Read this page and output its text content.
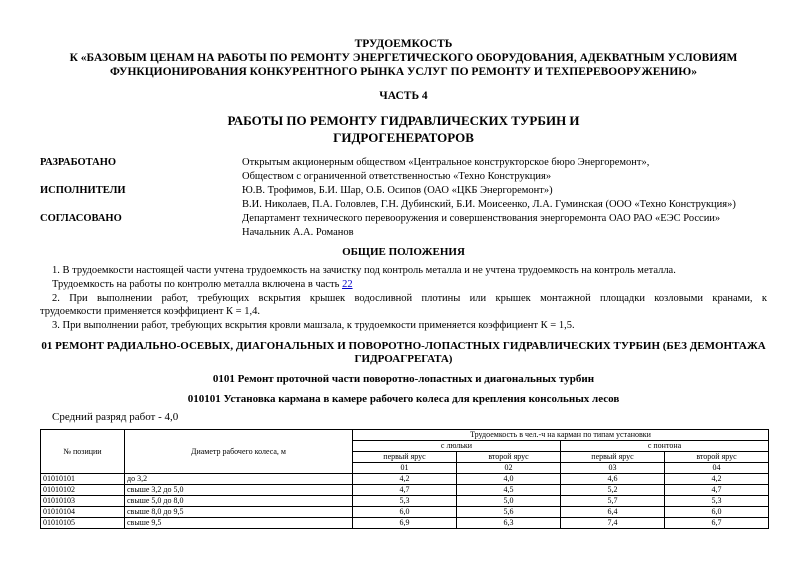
ТРУДОЕМКОСТЬ
К «БАЗОВЫМ ЦЕНАМ НА РАБОТЫ ПО РЕМОНТУ ЭНЕРГЕТИЧЕСКОГО ОБОРУДОВАНИЯ, АДЕКВАТНЫМ УСЛОВИЯМ
ФУНКЦИОНИРОВАНИЯ КОНКУРЕНТНОГО РЫНКА УСЛУГ ПО РЕМОНТУ И ТЕХПЕРЕВООРУЖЕНИЮ»
ЧАСТЬ 4
РАБОТЫ ПО РЕМОНТУ ГИДРАВЛИЧЕСКИХ ТУРБИН И
ГИДРОГЕНЕРАТОРОВ
РАЗРАБОТАНО	Открытым акционерным обществом «Центральное конструкторское бюро Энергоремонт»,
Обществом с ограниченной ответственностью «Техно Конструкция»
ИСПОЛНИТЕЛИ	Ю.В. Трофимов, Б.И. Шар, О.Б. Осипов (ОАО «ЦКБ Энергоремонт»)
В.И. Николаев, П.А. Головлев, Г.Н. Дубинский, Б.И. Моисеенко, Л.А. Гуминская (ООО «Техно Конструкция»)
СОГЛАСОВАНО	Департамент технического перевооружения и совершенствования энергоремонта ОАО РАО «ЕЭС России»
Начальник А.А. Романов
ОБЩИЕ ПОЛОЖЕНИЯ
1. В трудоемкости настоящей части учтена трудоемкость на зачистку под контроль металла и не учтена трудоемкость на контроль металла.
Трудоемкость на работы по контролю металла включена в часть 22
2. При выполнении работ, требующих вскрытия крышек водосливной плотины или крышек монтажной площадки козловыми кранами, к
трудоемкости применяется коэффициент К = 1,4.
3. При выполнении работ, требующих вскрытия кровли машзала, к трудоемкости применяется коэффициент К = 1,5.
01 РЕМОНТ РАДИАЛЬНО-ОСЕВЫХ, ДИАГОНАЛЬНЫХ И ПОВОРОТНО-ЛОПАСТНЫХ ГИДРАВЛИЧЕСКИХ ТУРБИН (БЕЗ ДЕМОНТАЖА
ГИДРОАГРЕГАТА)
0101 Ремонт проточной части поворотно-лопастных и диагональных турбин
010101 Установка кармана в камере рабочего колеса для крепления консольных лесов
Средний разряд работ - 4,0
№ позиции	Диаметр рабочего колеса, м	Трудоемкость в чел.-ч на карман по типам установки			
		с люльки		с понтона	
		первый ярус	второй ярус	первый ярус	второй ярус
		01	02	03	04
01010101	до 3,2	4,2	4,0	4,6	4,2
01010102	свыше 3,2 до 5,0	4,7	4,5	5,2	4,7
01010103	свыше 5,0 до 8,0	5,3	5,0	5,7	5,3
01010104	свыше 8,0 до 9,5	6,0	5,6	6,4	6,0
01010105	свыше 9,5	6,9	6,3	7,4	6,7
